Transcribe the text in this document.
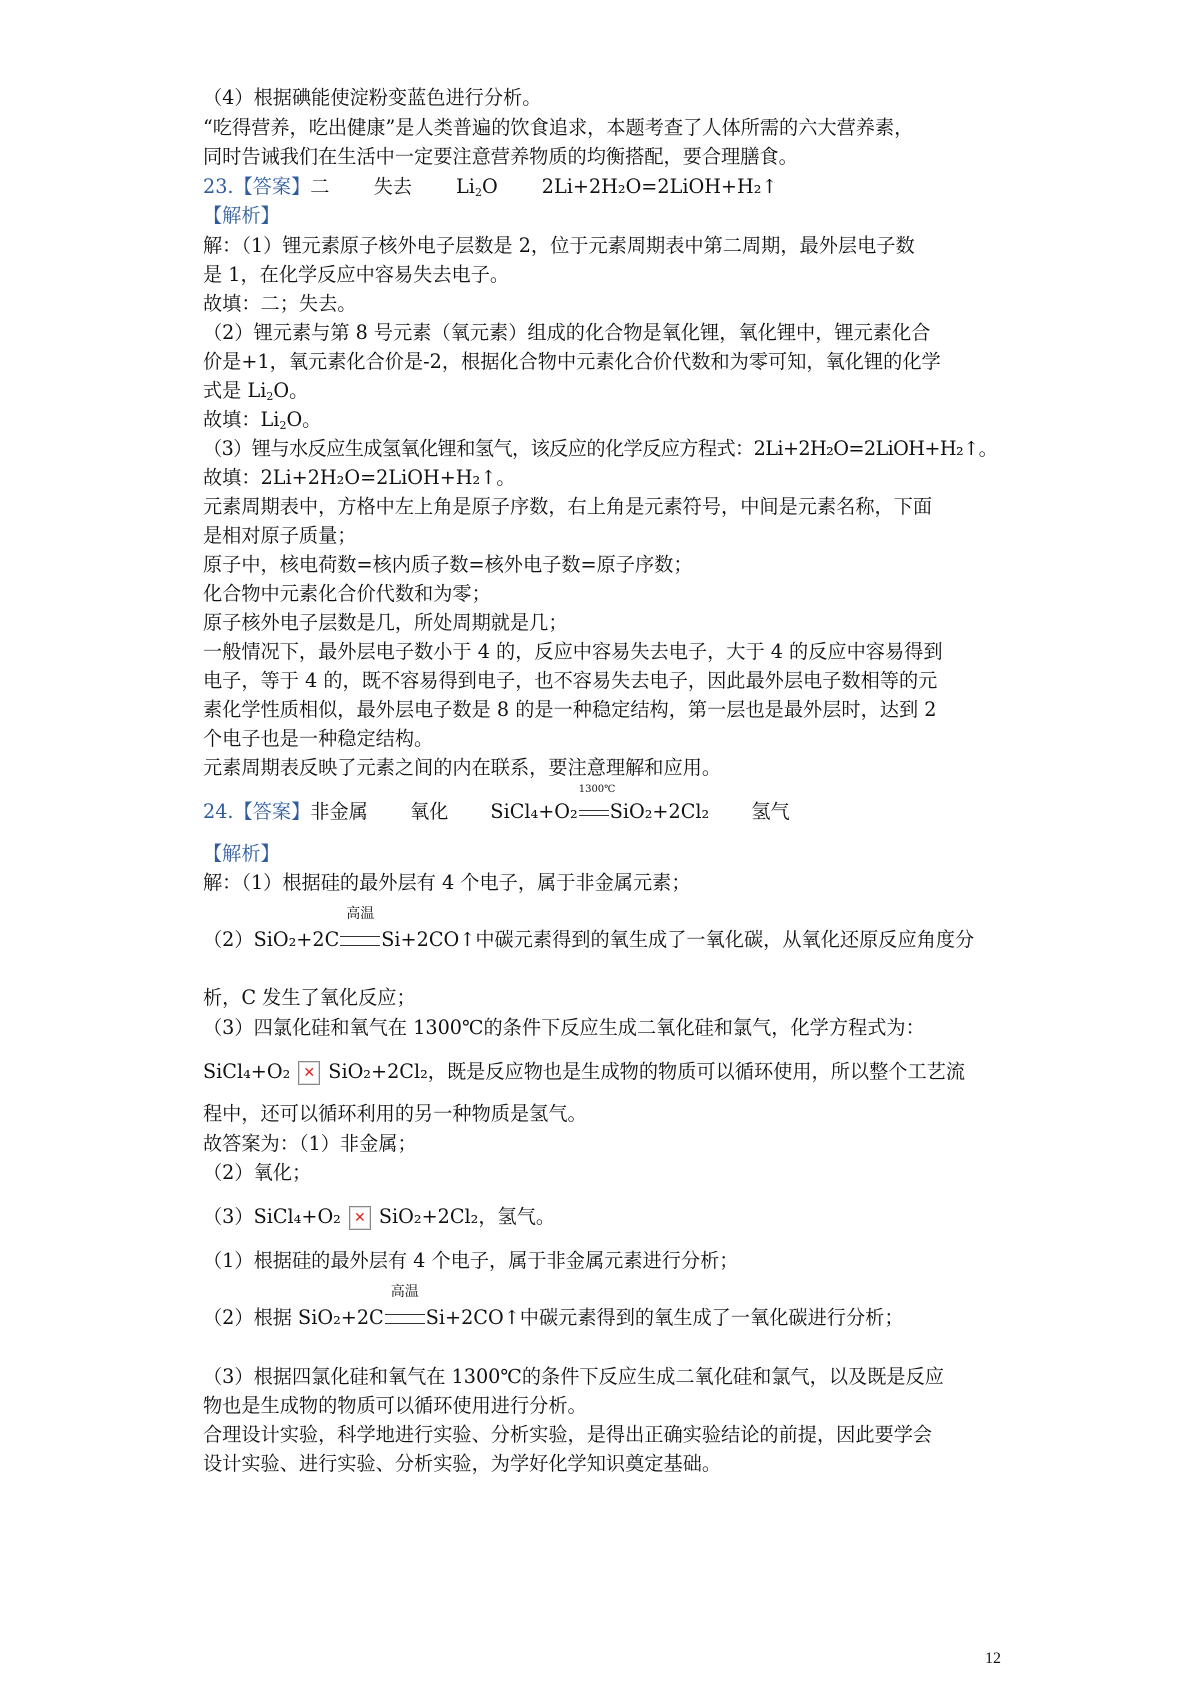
（4）根据碘能使淀粉变蓝色进行分析。
“吃得营养，吃出健康”是人类普遍的饮食追求，本题考查了人体所需的六大营养素，
同时告诫我们在生活中一定要注意营养物质的均衡搭配，要合理膳食。
23.【答案】二 失去 $Li_2O$ 2Li+2H₂O=2LiOH+H₂↑
【解析】
解：（1）锂元素原子核外电子层数是 2，位于元素周期表中第二周期，最外层电子数
是 1，在化学反应中容易失去电子。
故填：二；失去。
（2）锂元素与第 8 号元素（氧元素）组成的化合物是氧化锂，氧化锂中，锂元素化合
价是+1，氧元素化合价是-2，根据化合物中元素化合价代数和为零可知，氧化锂的化学
式是 $Li_2O$。
故填：$Li_2O$。
（3）锂与水反应生成氢氧化锂和氢气，该反应的化学反应方程式：2Li+2H₂O=2LiOH+H₂↑。
故填：2Li+2H₂O=2LiOH+H₂↑。
元素周期表中，方格中左上角是原子序数，右上角是元素符号，中间是元素名称，下面
是相对原子质量；
原子中，核电荷数=核内质子数=核外电子数=原子序数；
化合物中元素化合价代数和为零；
原子核外电子层数是几，所处周期就是几；
一般情况下，最外层电子数小于 4 的，反应中容易失去电子，大于 4 的反应中容易得到
电子，等于 4 的，既不容易得到电子，也不容易失去电子，因此最外层电子数相等的元
素化学性质相似，最外层电子数是 8 的是一种稳定结构，第一层也是最外层时，达到 2
个电子也是一种稳定结构。
元素周期表反映了元素之间的内在联系，要注意理解和应用。
24.【答案】非金属 氧化 SiCl₄+O₂
1300℃
SiO₂+2Cl₂ 氢气
【解析】
解：（1）根据硅的最外层有 4 个电子，属于非金属元素；
（2）SiO₂+2C
高温
Si+2CO↑中碳元素得到的氧生成了一氧化碳，从氧化还原反应角度分
析，C 发生了氧化反应；
（3）四氯化硅和氧气在 1300℃的条件下反应生成二氧化硅和氯气，化学方程式为：
SiCl₄+O₂ ✕ SiO₂+2Cl₂，既是反应物也是生成物的物质可以循环使用，所以整个工艺流
程中，还可以循环利用的另一种物质是氢气。
故答案为：（1）非金属；
（2）氧化；
（3）SiCl₄+O₂ ✕ SiO₂+2Cl₂，氢气。
（1）根据硅的最外层有 4 个电子，属于非金属元素进行分析；
（2）根据 SiO₂+2C
高温
Si+2CO↑中碳元素得到的氧生成了一氧化碳进行分析；
（3）根据四氯化硅和氧气在 1300℃的条件下反应生成二氧化硅和氯气，以及既是反应
物也是生成物的物质可以循环使用进行分析。
合理设计实验，科学地进行实验、分析实验，是得出正确实验结论的前提，因此要学会
设计实验、进行实验、分析实验，为学好化学知识奠定基础。
12
